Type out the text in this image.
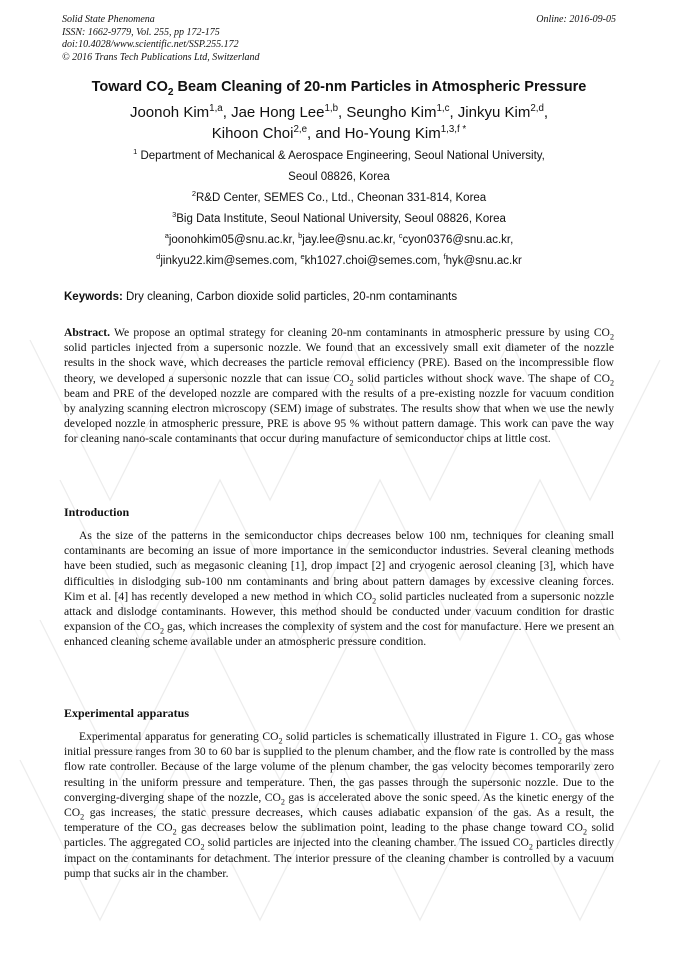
Solid State Phenomena
ISSN: 1662-9779, Vol. 255, pp 172-175
doi:10.4028/www.scientific.net/SSP.255.172
© 2016 Trans Tech Publications Ltd, Switzerland
Online: 2016-09-05
Toward $CO_2$ Beam Cleaning of 20-nm Particles in Atmospheric Pressure
Joonoh Kim$^{1,a}$, Jae Hong Lee$^{1,b}$, Seungho Kim$^{1,c}$, Jinkyu Kim$^{2,d}$,
Kihoon Choi$^{2,e}$, and Ho-Young Kim$^{1,3,f *}$
$^1$ Department of Mechanical & Aerospace Engineering, Seoul National University,
Seoul 08826, Korea
$^2$R&D Center, SEMES Co., Ltd., Cheonan 331-814, Korea
$^3$Big Data Institute, Seoul National University, Seoul 08826, Korea
$^a$joonohkim05@snu.ac.kr, $^b$jay.lee@snu.ac.kr, $^c$cyon0376@snu.ac.kr,
$^d$jinkyu22.kim@semes.com, $^e$kh1027.choi@semes.com, $^f$hyk@snu.ac.kr
Keywords: Dry cleaning, Carbon dioxide solid particles, 20-nm contaminants
Abstract. We propose an optimal strategy for cleaning 20-nm contaminants in atmospheric pressure by using $CO_2$ solid particles injected from a supersonic nozzle. We found that an excessively small exit diameter of the nozzle results in the shock wave, which decreases the particle removal efficiency (PRE). Based on the incompressible flow theory, we developed a supersonic nozzle that can issue $CO_2$ solid particles without shock wave. The shape of $CO_2$ beam and PRE of the developed nozzle are compared with the results of a pre-existing nozzle for vacuum condition by analyzing scanning electron microscopy (SEM) image of substrates. The results show that when we use the newly developed nozzle in atmospheric pressure, PRE is above 95 % without pattern damage. This work can pave the way for cleaning nano-scale contaminants that occur during manufacture of semiconductor chips at little cost.
Introduction
As the size of the patterns in the semiconductor chips decreases below 100 nm, techniques for cleaning small contaminants are becoming an issue of more importance in the semiconductor industries. Several cleaning methods have been studied, such as megasonic cleaning [1], drop impact [2] and cryogenic aerosol cleaning [3], which have difficulties in dislodging sub-100 nm contaminants and bring about pattern damages by excessive cleaning forces. Kim et al. [4] has recently developed a new method in which $CO_2$ solid particles nucleated from a supersonic nozzle attack and dislodge contaminants. However, this method should be conducted under vacuum condition for drastic expansion of the $CO_2$ gas, which increases the complexity of system and the cost for manufacture. Here we present an enhanced cleaning scheme available under an atmospheric pressure condition.
Experimental apparatus
Experimental apparatus for generating $CO_2$ solid particles is schematically illustrated in Figure 1. $CO_2$ gas whose initial pressure ranges from 30 to 60 bar is supplied to the plenum chamber, and the flow rate is controlled by the mass flow rate controller. Because of the large volume of the plenum chamber, the gas velocity becomes temporarily zero resulting in the uniform pressure and temperature. Then, the gas passes through the supersonic nozzle. Due to the converging-diverging shape of the nozzle, $CO_2$ gas is accelerated above the sonic speed. As the kinetic energy of the $CO_2$ gas increases, the static pressure decreases, which causes adiabatic expansion of the gas. As a result, the temperature of the $CO_2$ gas decreases below the sublimation point, leading to the phase change toward $CO_2$ solid particles. The aggregated $CO_2$ solid particles are injected into the cleaning chamber. The issued $CO_2$ particles directly impact on the contaminants for detachment. The interior pressure of the cleaning chamber is controlled by a vacuum pump that sucks air in the chamber.
